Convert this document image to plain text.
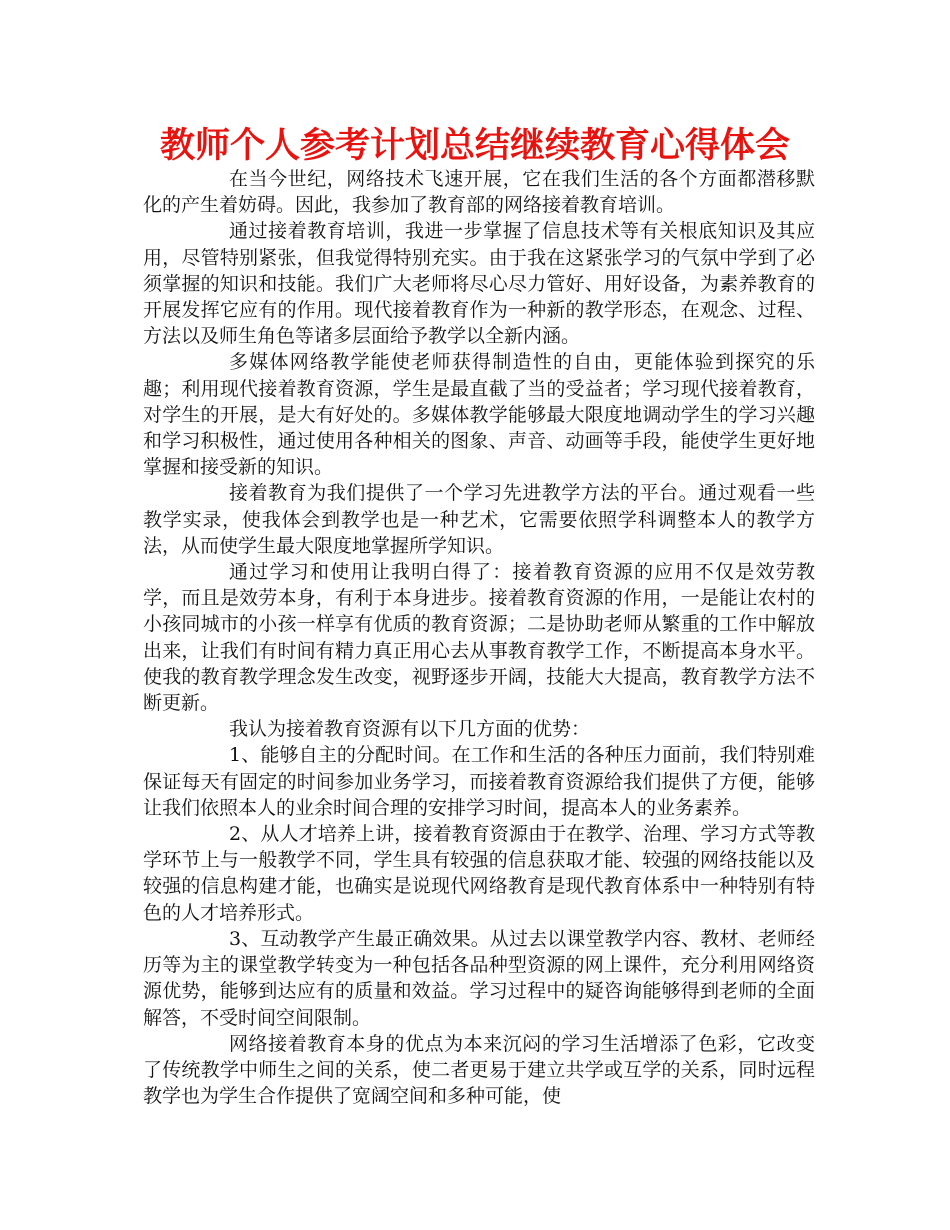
教师个人参考计划总结继续教育心得体会

在当今世纪，网络技术飞速开展，它在我们生活的各个方面都潜移默化的产生着妨碍。因此，我参加了教育部的网络接着教育培训。

通过接着教育培训，我进一步掌握了信息技术等有关根底知识及其应用，尽管特别紧张，但我觉得特别充实。由于我在这紧张学习的气氛中学到了必须掌握的知识和技能。我们广大老师将尽心尽力管好、用好设备，为素养教育的开展发挥它应有的作用。现代接着教育作为一种新的教学形态，在观念、过程、方法以及师生角色等诸多层面给予教学以全新内涵。

多媒体网络教学能使老师获得制造性的自由，更能体验到探究的乐趣；利用现代接着教育资源，学生是最直截了当的受益者；学习现代接着教育，对学生的开展，是大有好处的。多媒体教学能够最大限度地调动学生的学习兴趣和学习积极性，通过使用各种相关的图象、声音、动画等手段，能使学生更好地掌握和接受新的知识。

接着教育为我们提供了一个学习先进教学方法的平台。通过观看一些教学实录，使我体会到教学也是一种艺术，它需要依照学科调整本人的教学方法，从而使学生最大限度地掌握所学知识。

通过学习和使用让我明白得了：接着教育资源的应用不仅是效劳教学，而且是效劳本身，有利于本身进步。接着教育资源的作用，一是能让农村的小孩同城市的小孩一样享有优质的教育资源；二是协助老师从繁重的工作中解放出来，让我们有时间有精力真正用心去从事教育教学工作，不断提高本身水平。使我的教育教学理念发生改变，视野逐步开阔，技能大大提高，教育教学方法不断更新。

我认为接着教育资源有以下几方面的优势：

1、能够自主的分配时间。在工作和生活的各种压力面前，我们特别难保证每天有固定的时间参加业务学习，而接着教育资源给我们提供了方便，能够让我们依照本人的业余时间合理的安排学习时间，提高本人的业务素养。

2、从人才培养上讲，接着教育资源由于在教学、治理、学习方式等教学环节上与一般教学不同，学生具有较强的信息获取才能、较强的网络技能以及较强的信息构建才能，也确实是说现代网络教育是现代教育体系中一种特别有特色的人才培养形式。

3、互动教学产生最正确效果。从过去以课堂教学内容、教材、老师经历等为主的课堂教学转变为一种包括各品种型资源的网上课件，充分利用网络资源优势，能够到达应有的质量和效益。学习过程中的疑咨询能够得到老师的全面解答，不受时间空间限制。

网络接着教育本身的优点为本来沉闷的学习生活增添了色彩，它改变了传统教学中师生之间的关系，使二者更易于建立共学或互学的关系，同时远程教学也为学生合作提供了宽阔空间和多种可能，使
